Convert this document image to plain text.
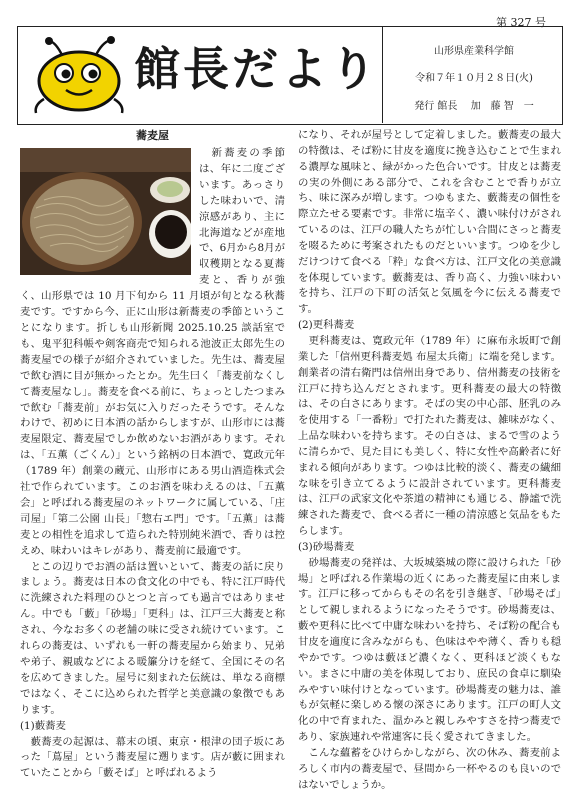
第 327 号
館長だより	山形県産業科学館
令和７年１０月２８日(火)
発行 館長　 加　藤 智　一
蕎麦屋

　新蕎麦の季節は、年に二度ございます。あっさりした味わいで、清涼感があり、主に北海道などが産地で、6月から8月が収穫期となる夏蕎麦と、香りが強く、山形県では 10 月下旬から 11 月頃が旬となる秋蕎麦です。ですから今、正に山形は新蕎麦の季節ということになります。折しも山形新聞 2025.10.25 談話室でも、鬼平犯科帳や剣客商売で知られる池波正太郎先生の蕎麦屋での様子が紹介されていました。先生は、蕎麦屋で飲む酒に目が無かったとか。先生曰く「蕎麦前なくして蕎麦屋なし」。蕎麦を食べる前に、ちょっとしたつまみで飲む「蕎麦前」がお気に入りだったそうです。そんなわけで、初めに日本酒の話からしますが、山形市には蕎麦屋限定、蕎麦屋でしか飲めないお酒があります。それは、「五薫（ごくん）」という銘柄の日本酒で、寛政元年（1789 年）創業の蔵元、山形市にある男山酒造株式会社で作られています。このお酒を味わえるのは、「五薫会」と呼ばれる蕎麦屋のネットワークに属している、「庄司屋」「第二公園 山長」「惣右エ門」です。「五薫」は蕎麦との相性を追求して造られた特別純米酒で、香りは控えめ、味わいはキレがあり、蕎麦前に最適です。

　とこの辺りでお酒の話は置いといて、蕎麦の話に戻りましょう。蕎麦は日本の食文化の中でも、特に江戸時代に洗練された料理のひとつと言っても過言ではありません。中でも「藪」「砂場」「更科」は、江戸三大蕎麦と称され、今なお多くの老舗の味に受され続けています。これらの蕎麦は、いずれも一軒の蕎麦屋から始まり、兄弟や弟子、親戚などによる暖簾分けを経て、全国にその名を広めてきました。屋号に刻まれた伝統は、単なる商標ではなく、そこに込められた哲学と美意識の象徴でもあります。

(1)藪蕎麦

　藪蕎麦の起源は、幕末の頃、東京・根津の団子坂にあった「蔦屋」という蕎麦屋に遡ります。店が藪に囲まれていたことから「藪そば」と呼ばれるよう

になり、それが屋号として定着しました。藪蕎麦の最大の特徴は、そば粉に甘皮を適度に挽き込むことで生まれる濃厚な風味と、緑がかった色合いです。甘皮とは蕎麦の実の外側にある部分で、これを含むことで香りが立ち、味に深みが増します。つゆもまた、藪蕎麦の個性を際立たせる要素です。非常に塩辛く、濃い味付けがされているのは、江戸の職人たちが忙しい合間にさっと蕎麦を啜るために考案されたものだといいます。つゆを少しだけつけて食べる「粋」な食べ方は、江戸文化の美意識を体現しています。藪蕎麦は、香り高く、力強い味わいを持ち、江戸の下町の活気と気風を今に伝える蕎麦です。

(2)更科蕎麦

　更科蕎麦は、寛政元年（1789 年）に麻布永坂町で創業した「信州更科蕎麦処 布屋太兵衛」に端を発します。創業者の清右衛門は信州出身であり、信州蕎麦の技術を江戸に持ち込んだとされます。更科蕎麦の最大の特徴は、その白さにあります。そばの実の中心部、胚乳のみを使用する「一番粉」で打たれた蕎麦は、雑味がなく、上品な味わいを持ちます。その白さは、まるで雪のように清らかで、見た目にも美しく、特に女性や高齢者に好まれる傾向があります。つゆは比較的淡く、蕎麦の繊細な味を引き立てるように設計されています。更科蕎麦は、江戸の武家文化や茶道の精神にも通じる、静謐で洗練された蕎麦で、食べる者に一種の清涼感と気品をもたらします。

(3)砂場蕎麦

　砂場蕎麦の発祥は、大坂城築城の際に設けられた「砂場」と呼ばれる作業場の近くにあった蕎麦屋に由来します。江戸に移ってからもその名を引き継ぎ、「砂場そば」として親しまれるようになったそうです。砂場蕎麦は、藪や更科に比べて中庸な味わいを持ち、そば粉の配合も甘皮を適度に含みながらも、色味はやや薄く、香りも穏やかです。つゆは藪ほど濃くなく、更科ほど淡くもない。まさに中庸の美を体現しており、庶民の食卓に馴染みやすい味付けとなっています。砂場蕎麦の魅力は、誰もが気軽に楽しめる懐の深さにあります。江戸の町人文化の中で育まれた、温かみと親しみやすさを持つ蕎麦であり、家族連れや常連客に長く愛されてきました。

　こんな蘊蓄をひけらかしながら、次の休み、蕎麦前よろしく市内の蕎麦屋で、昼間から一杯やるのも良いのではないでしょうか。
